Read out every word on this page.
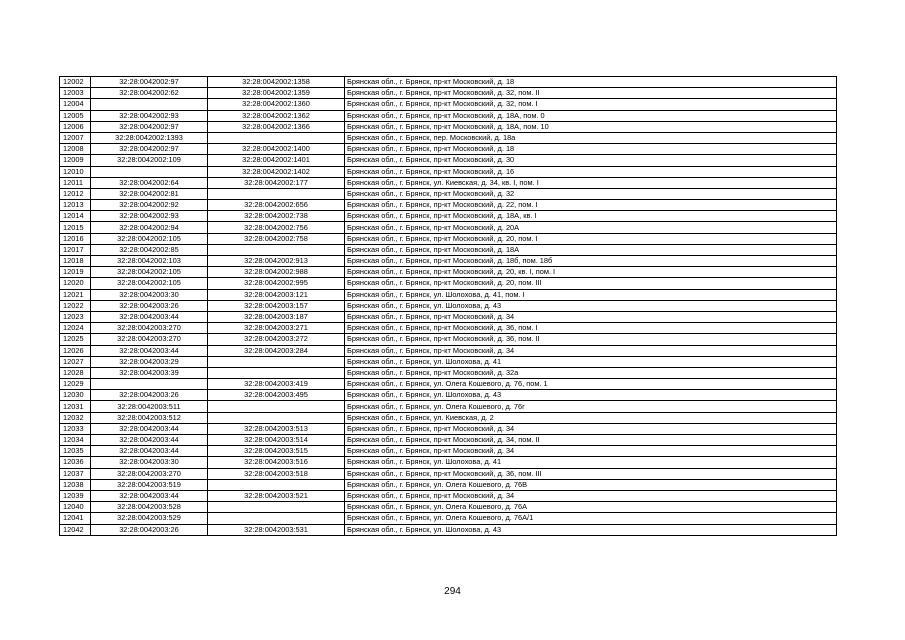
12002	32:28:0042002:97	32:28:0042002:1358	Брянская обл., г. Брянск, пр-кт Московский, д. 18
12003	32:28:0042002:62	32:28:0042002:1359	Брянская обл., г. Брянск, пр-кт Московский, д. 32, пом. II
12004		32:28:0042002:1360	Брянская обл., г. Брянск, пр-кт Московский, д. 32, пом. I
12005	32:28:0042002:93	32:28:0042002:1362	Брянская обл., г. Брянск, пр-кт Московский, д. 18А, пом. 0
12006	32:28:0042002:97	32:28:0042002:1366	Брянская обл., г. Брянск, пр-кт Московский, д. 18А, пом. 10
12007	32:28:0042002:1393		Брянская обл., г. Брянск, пер. Московский, д. 18а
12008	32:28:0042002:97	32:28:0042002:1400	Брянская обл., г. Брянск, пр-кт Московский, д. 18
12009	32:28:0042002:109	32:28:0042002:1401	Брянская обл., г. Брянск, пр-кт Московский, д. 30
12010		32:28:0042002:1402	Брянская обл., г. Брянск, пр-кт Московский, д. 16
12011	32:28:0042002:64	32:28:0042002:177	Брянская обл., г. Брянск, ул. Киевская, д. 34, кв. I, пом. I
12012	32:28:0042002:81		Брянская обл., г. Брянск, пр-кт Московский, д. 32
12013	32:28:0042002:92	32:28:0042002:656	Брянская обл., г. Брянск, пр-кт Московский, д. 22, пом. I
12014	32:28:0042002:93	32:28:0042002:738	Брянская обл., г. Брянск, пр-кт Московский, д. 18А, кв. I
12015	32:28:0042002:94	32:28:0042002:756	Брянская обл., г. Брянск, пр-кт Московский, д. 20А
12016	32:28:0042002:105	32:28:0042002:758	Брянская обл., г. Брянск, пр-кт Московский, д. 20, пом. I
12017	32:28:0042002:85		Брянская обл., г. Брянск, пр-кт Московский, д. 18А
12018	32:28:0042002:103	32:28:0042002:913	Брянская обл., г. Брянск, пр-кт Московский, д. 18б, пом. 18б
12019	32:28:0042002:105	32:28:0042002:988	Брянская обл., г. Брянск, пр-кт Московский, д. 20, кв. I, пом. I
12020	32:28:0042002:105	32:28:0042002:995	Брянская обл., г. Брянск, пр-кт Московский, д. 20, пом. III
12021	32:28:0042003:30	32:28:0042003:121	Брянская обл., г. Брянск, ул. Шолохова, д. 41, пом. I
12022	32:28:0042003:26	32:28:0042003:157	Брянская обл., г. Брянск, ул. Шолохова, д. 43
12023	32:28:0042003:44	32:28:0042003:187	Брянская обл., г. Брянск, пр-кт Московский, д. 34
12024	32:28:0042003:270	32:28:0042003:271	Брянская обл., г. Брянск, пр-кт Московский, д. 36, пом. I
12025	32:28:0042003:270	32:28:0042003:272	Брянская обл., г. Брянск, пр-кт Московский, д. 36, пом. II
12026	32:28:0042003:44	32:28:0042003:284	Брянская обл., г. Брянск, пр-кт Московский, д. 34
12027	32:28:0042003:29		Брянская обл., г. Брянск, ул. Шолохова, д. 41
12028	32:28:0042003:39		Брянская обл., г. Брянск, пр-кт Московский, д. 32а
12029		32:28:0042003:419	Брянская обл., г. Брянск, ул. Олега Кошевого, д. 76, пом. 1
12030	32:28:0042003:26	32:28:0042003:495	Брянская обл., г. Брянск, ул. Шолохова, д. 43
12031	32:28:0042003:511		Брянская обл., г. Брянск, ул. Олега Кошевого, д. 76г
12032	32:28:0042003:512		Брянская обл., г. Брянск, ул. Киевская, д. 2
12033	32:28:0042003:44	32:28:0042003:513	Брянская обл., г. Брянск, пр-кт Московский, д. 34
12034	32:28:0042003:44	32:28:0042003:514	Брянская обл., г. Брянск, пр-кт Московский, д. 34, пом. II
12035	32:28:0042003:44	32:28:0042003:515	Брянская обл., г. Брянск, пр-кт Московский, д. 34
12036	32:28:0042003:30	32:28:0042003:516	Брянская обл., г. Брянск, ул. Шолохова, д. 41
12037	32:28:0042003:270	32:28:0042003:518	Брянская обл., г. Брянск, пр-кт Московский, д. 36, пом. III
12038	32:28:0042003:519		Брянская обл., г. Брянск, ул. Олега Кошевого, д. 76В
12039	32:28:0042003:44	32:28:0042003:521	Брянская обл., г. Брянск, пр-кт Московский, д. 34
12040	32:28:0042003:528		Брянская обл., г. Брянск, ул. Олега Кошевого, д. 76А
12041	32:28:0042003:529		Брянская обл., г. Брянск, ул. Олега Кошевого, д. 76А/1
12042	32:28:0042003:26	32:28:0042003:531	Брянская обл., г. Брянск, ул. Шолохова, д. 43
294
